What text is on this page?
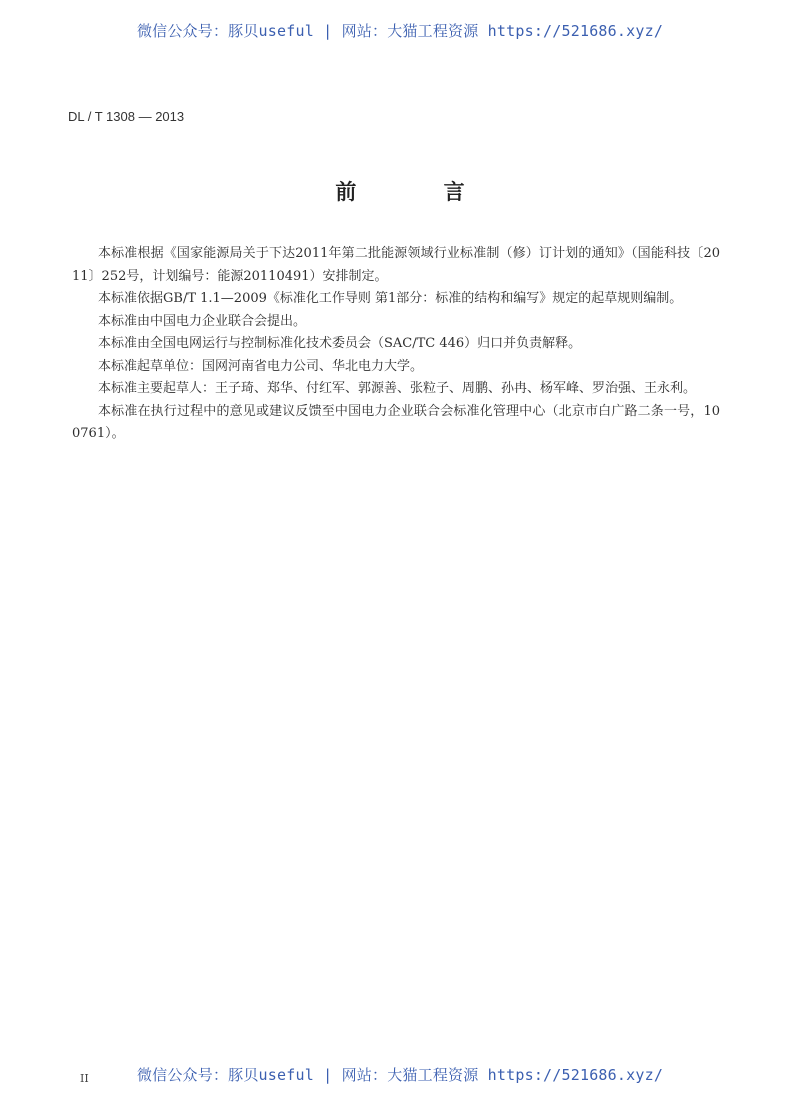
微信公众号：豚贝useful | 网站：大猫工程资源 https://521686.xyz/
DL / T 1308 — 2013
前 言

本标准根据《国家能源局关于下达2011年第二批能源领域行业标准制（修）订计划的通知》（国能科技〔2011〕252号，计划编号：能源20110491）安排制定。

本标准依据GB/T 1.1—2009《标准化工作导则 第1部分：标准的结构和编写》规定的起草规则编制。

本标准由中国电力企业联合会提出。

本标准由全国电网运行与控制标准化技术委员会（SAC/TC 446）归口并负责解释。

本标准起草单位：国网河南省电力公司、华北电力大学。

本标准主要起草人：王子琦、郑华、付红军、郭源善、张粒子、周鹏、孙冉、杨军峰、罗治强、王永利。

本标准在执行过程中的意见或建议反馈至中国电力企业联合会标准化管理中心（北京市白广路二条一号，100761）。

II	微信公众号：豚贝useful | 网站：大猫工程资源 https://521686.xyz/
